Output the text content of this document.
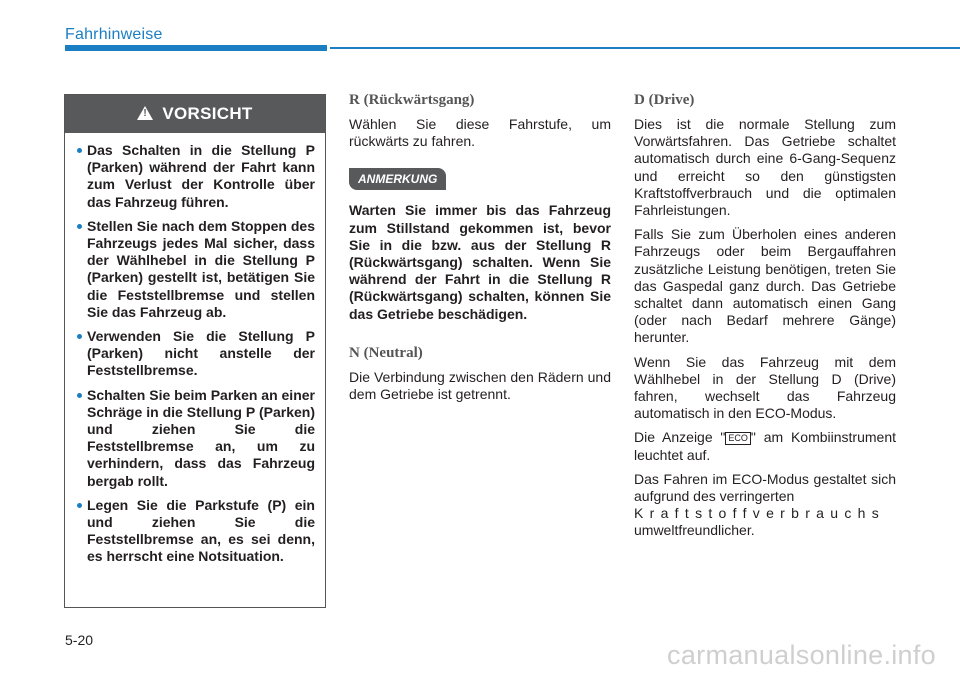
Fahrhinweise
!
VORSICHT
Das Schalten in die Stellung P (Parken) während der Fahrt kann zum Verlust der Kontrolle über das Fahrzeug führen.
Stellen Sie nach dem Stoppen des Fahrzeugs jedes Mal sicher, dass der Wählhebel in die Stellung P (Parken) gestellt ist, betätigen Sie die Feststellbremse und stellen Sie das Fahrzeug ab.
Verwenden Sie die Stellung P (Parken) nicht anstelle der Feststellbremse.
Schalten Sie beim Parken an einer Schräge in die Stellung P (Parken) und ziehen Sie die Feststellbremse an, um zu verhindern, dass das Fahrzeug bergab rollt.
Legen Sie die Parkstufe (P) ein und ziehen Sie die Feststellbremse an, es sei denn, es herrscht eine Notsituation.

R (Rückwärtsgang)

Wählen Sie diese Fahrstufe, um rückwärts zu fahren.

ANMERKUNG

Warten Sie immer bis das Fahrzeug zum Stillstand gekommen ist, bevor Sie in die bzw. aus der Stellung R (Rückwärtsgang) schalten. Wenn Sie während der Fahrt in die Stellung R (Rückwärtsgang) schalten, können Sie das Getriebe beschädigen.

N (Neutral)

Die Verbindung zwischen den Rädern und dem Getriebe ist getrennt.

D (Drive)

Dies ist die normale Stellung zum Vorwärtsfahren. Das Getriebe schaltet automatisch durch eine 6-Gang-Sequenz und erreicht so den günstigsten Kraftstoffverbrauch und die optimalen Fahrleistungen.

Falls Sie zum Überholen eines anderen Fahrzeugs oder beim Bergauffahren zusätzliche Leistung benötigen, treten Sie das Gaspedal ganz durch. Das Getriebe schaltet dann automatisch einen Gang (oder nach Bedarf mehrere Gänge) herunter.

Wenn Sie das Fahrzeug mit dem Wählhebel in der Stellung D (Drive) fahren, wechselt das Fahrzeug automatisch in den ECO-Modus.

Die Anzeige " ECO " am Kombiinstrument leuchtet auf.

Das Fahren im ECO-Modus gestaltet sich aufgrund des verringerten
Kraftstoffverbrauchs
umweltfreundlicher.

5-20	carmanualsonline.info
